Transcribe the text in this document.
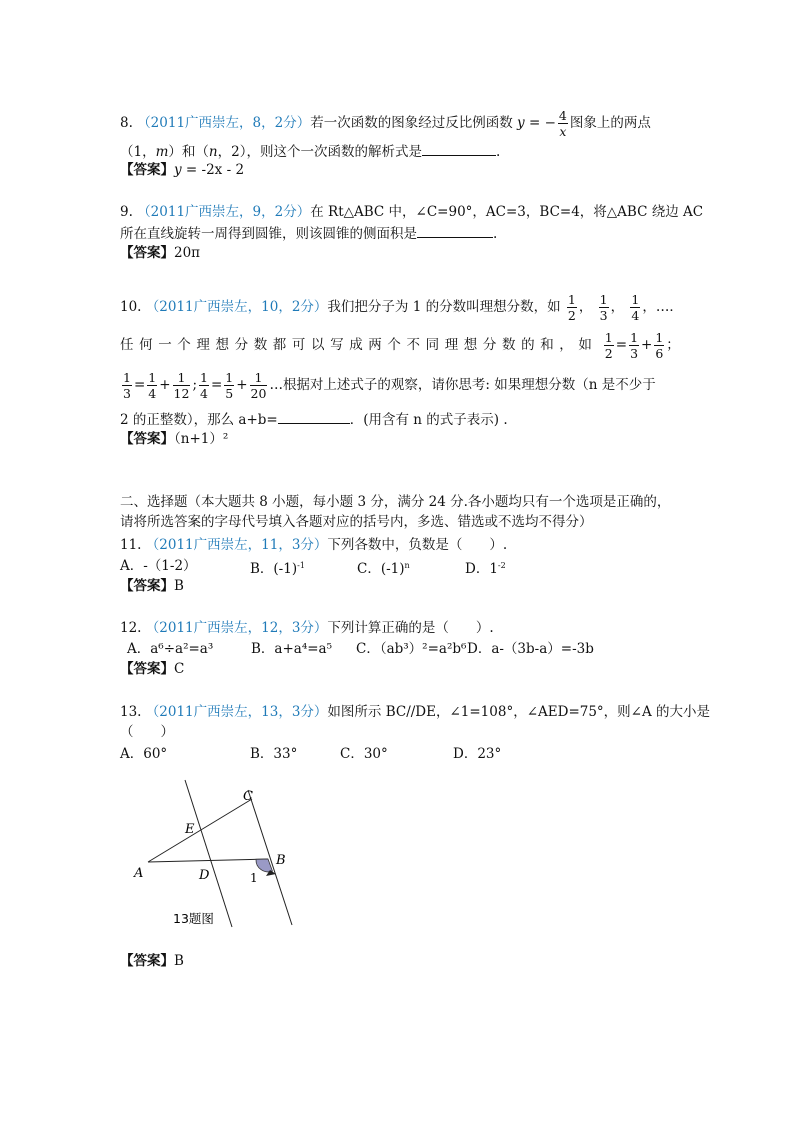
8. （2011广西崇左，8，2分）若一次函数的图象经过反比例函数 y = − $\frac{4}{x}$ 图象上的两点
（1，m）和（n，2），则这个一次函数的解析式是	.
【答案】y = -2x - 2
9. （2011广西崇左，9，2分）在 Rt△ABC 中，∠C=90°，AC=3，BC=4，将△ABC 绕边 AC
所在直线旋转一周得到圆锥，则该圆锥的侧面积是	.
【答案】20π
10. （2011广西崇左，10，2分）我们把分子为 1 的分数叫理想分数，如 $\frac{1}{2}$ ， $\frac{1}{3}$ ， $\frac{1}{4}$ ，…．
任何一个理想分数都可以写成两个不同理想分数的和，如 $\frac{1}{2} = \frac{1}{3} + \frac{1}{6}$ ；
$\frac{1}{3} = \frac{1}{4} + \frac{1}{12}$ ; $\frac{1}{4} = \frac{1}{5} + \frac{1}{20}$ …根据对上述式子的观察，请你思考: 如果理想分数（n 是不少于
2 的正整数），那么 a+b=	．(用含有 n 的式子表示) .
【答案】（n+1）²
二、选择题（本大题共 8 小题，每小题 3 分，满分 24 分.各小题均只有一个选项是正确的，
请将所选答案的字母代号填入各题对应的括号内，多选、错选或不选均不得分）
11. （2011广西崇左，11，3分）下列各数中，负数是（　　）.
A．-（1-2）	B．$(-1)^{-1}$	C．$(-1)^n$	D．$1^{-2}$
【答案】B
12. （2011广西崇左，12，3分）下列计算正确的是（　　）.
A．a⁶÷a²=a³	B．a+a⁴=a⁵ C．（ab³）²=a²b⁶ D．a-（3b-a）=-3b
【答案】C
13. （2011广西崇左，13，3分）如图所示 BC//DE，∠1=108°，∠AED=75°，则∠A 的大小是
（　　）
A．60°	B．33°	C．30°	D．23°
A
B
C
D
E
1
13题图
【答案】B
